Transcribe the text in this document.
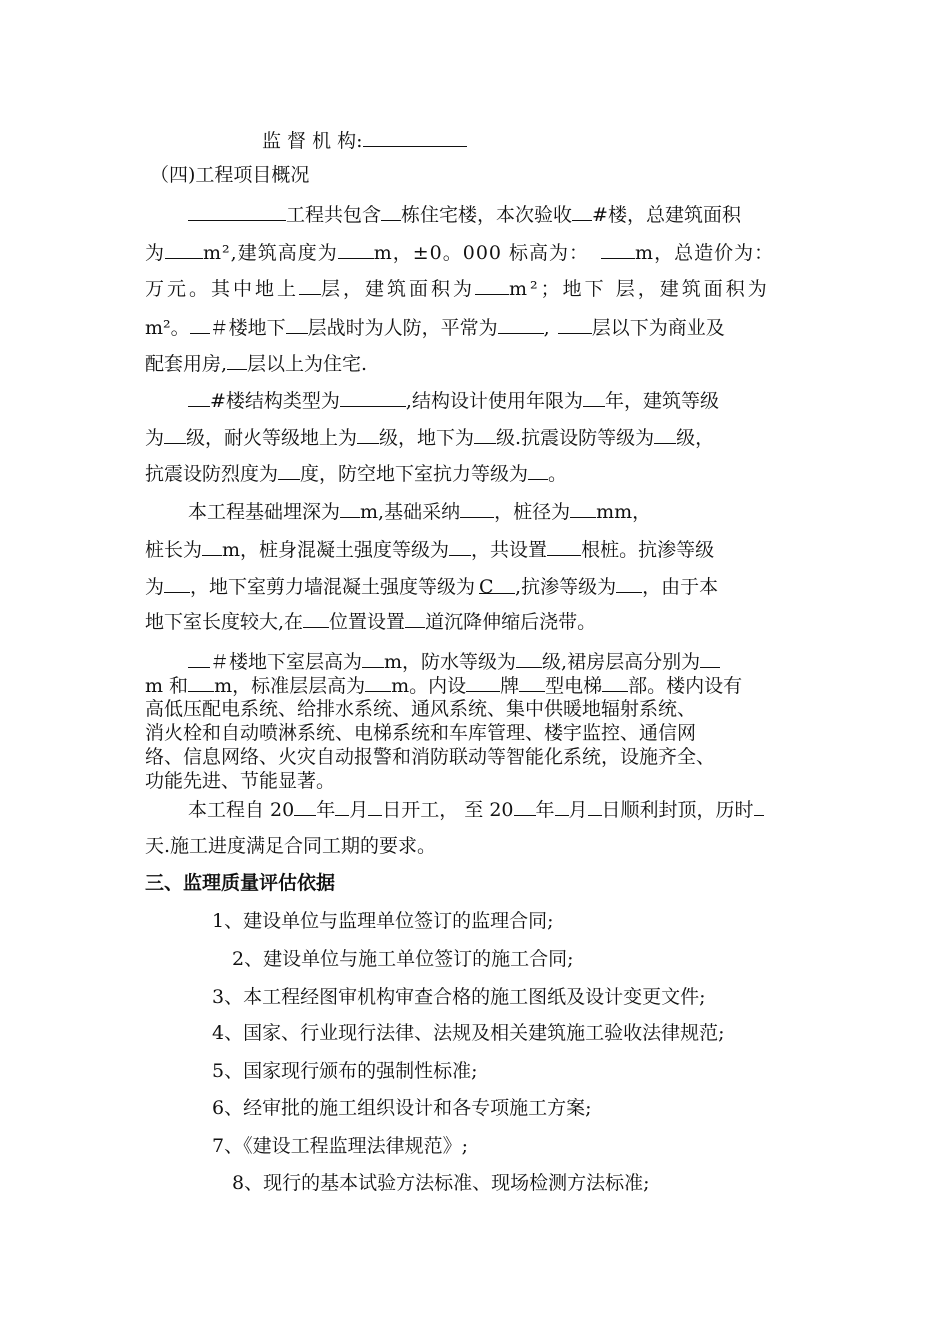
监 督 机 构:
（四)工程项目概况
工程共包含 栋住宅楼，本次验收 #楼，总建筑面积
为 m²,建筑高度为 m，±0。000 标高为： m，总造价为：
万元。其中地上 层，建筑面积为 m²；地下 层，建筑面积为
m²。 ＃楼地下 层战时为人防，平常为 , 层以下为商业及
配套用房, 层以上为住宅.
#楼结构类型为	,结构设计使用年限为 年，建筑等级
为 级，耐火等级地上为 级，地下为 级.抗震设防等级为 级，
抗震设防烈度为 度，防空地下室抗力等级为 。
本工程基础埋深为 m,基础采纳 ，桩径为 mm，
桩长为 m，桩身混凝土强度等级为 ，共设置 根桩。抗渗等级
为 ，地下室剪力墙混凝土强度等级为 C ,抗渗等级为 ，由于本
地下室长度较大,在 位置设置 道沉降伸缩后浇带。
＃楼地下室层高为 m，防水等级为 级,裙房层高分别为
m 和 m，标准层层高为 m。内设 牌 型电梯 部。楼内设有
高低压配电系统、给排水系统、通风系统、集中供暖地辐射系统、
消火栓和自动喷淋系统、电梯系统和车库管理、楼宇监控、通信网
络、信息网络、火灾自动报警和消防联动等智能化系统，设施齐全、
功能先进、节能显著。
本工程自 20 年 月 日开工， 至 20 年 月 日顺利封顶，历时
天.施工进度满足合同工期的要求。
三、监理质量评估依据
1、建设单位与监理单位签订的监理合同;
2、建设单位与施工单位签订的施工合同;
3、本工程经图审机构审查合格的施工图纸及设计变更文件;
4、国家、行业现行法律、法规及相关建筑施工验收法律规范;
5、国家现行颁布的强制性标准;
6、经审批的施工组织设计和各专项施工方案;
7、《建设工程监理法律规范》;
8、现行的基本试验方法标准、现场检测方法标准;
